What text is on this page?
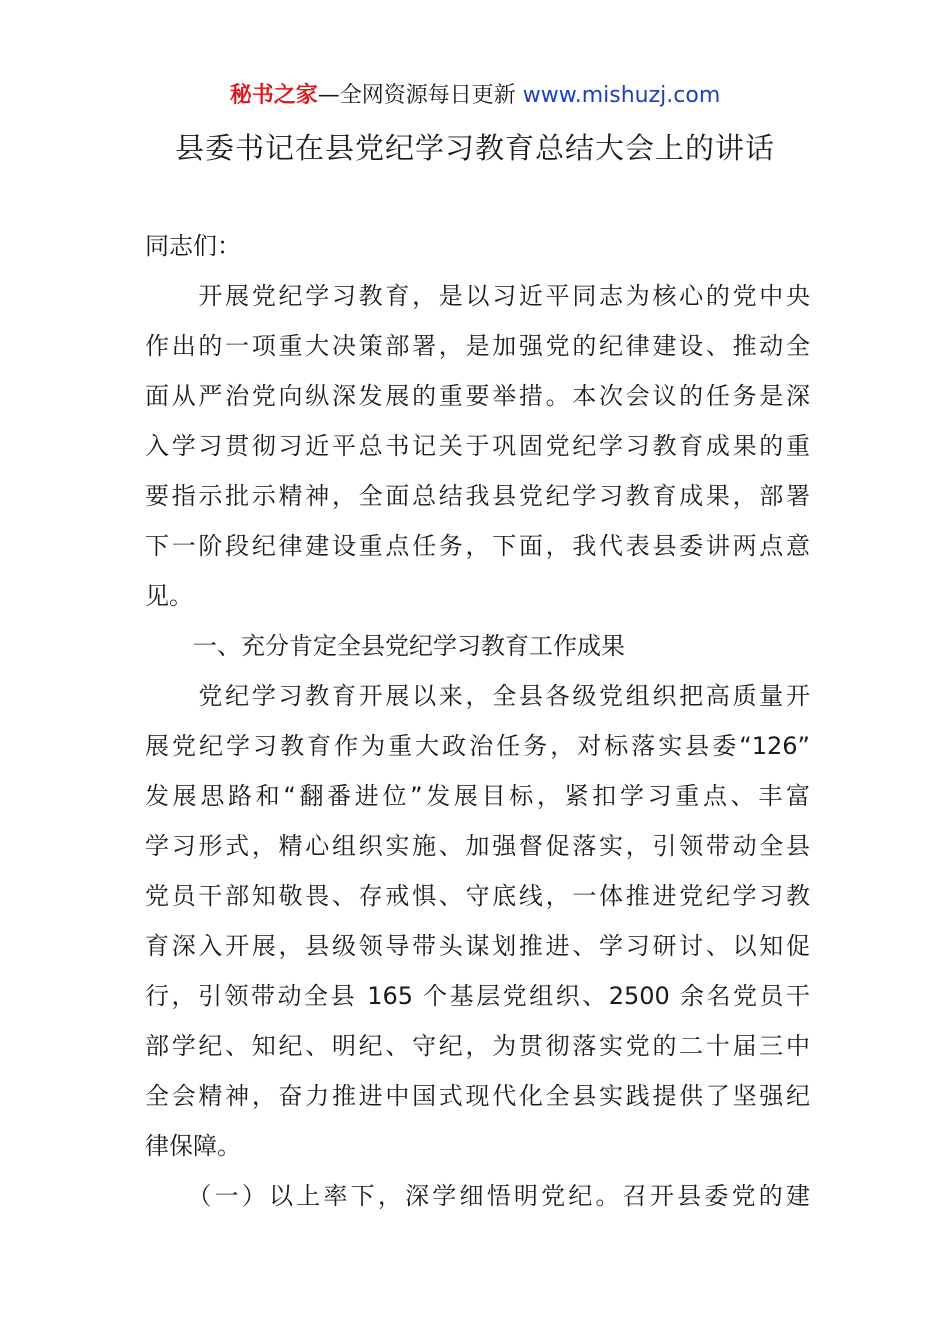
秘书之家—全网资源每日更新 www.mishuzj.com
县委书记在县党纪学习教育总结大会上的讲话
同志们：
　　开展党纪学习教育，是以习近平同志为核心的党中央
作出的一项重大决策部署，是加强党的纪律建设、推动全
面从严治党向纵深发展的重要举措。本次会议的任务是深
入学习贯彻习近平总书记关于巩固党纪学习教育成果的重
要指示批示精神，全面总结我县党纪学习教育成果，部署
下一阶段纪律建设重点任务，下面，我代表县委讲两点意
见。
　　一、充分肯定全县党纪学习教育工作成果
　　党纪学习教育开展以来，全县各级党组织把高质量开
展党纪学习教育作为重大政治任务，对标落实县委“126”
发展思路和“翻番进位”发展目标，紧扣学习重点、丰富
学习形式，精心组织实施、加强督促落实，引领带动全县
党员干部知敬畏、存戒惧、守底线，一体推进党纪学习教
育深入开展，县级领导带头谋划推进、学习研讨、以知促
行，引领带动全县 165 个基层党组织、2500 余名党员干
部学纪、知纪、明纪、守纪，为贯彻落实党的二十届三中
全会精神，奋力推进中国式现代化全县实践提供了坚强纪
律保障。
　　（一）以上率下，深学细悟明党纪。召开县委党的建
